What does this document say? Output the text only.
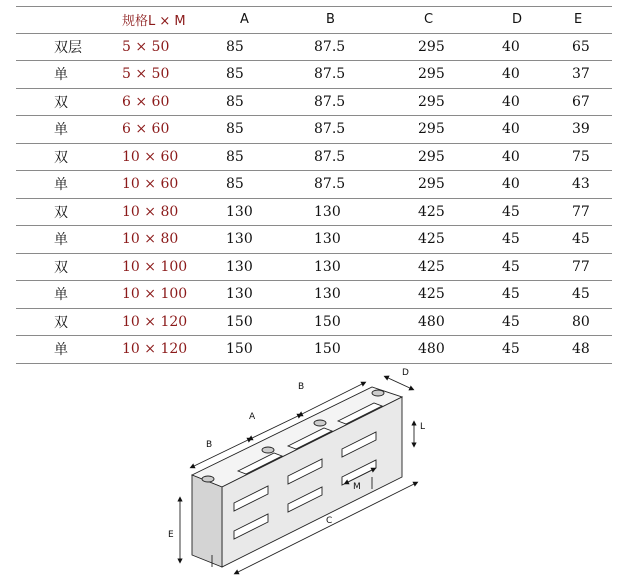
	规格L × M	A	B	C	D	E
双层	5 × 50	85	87.5	295	40	65
单	5 × 50	85	87.5	295	40	37
双	6 × 60	85	87.5	295	40	67
单	6 × 60	85	87.5	295	40	39
双	10 × 60	85	87.5	295	40	75
单	10 × 60	85	87.5	295	40	43
双	10 × 80	130	130	425	45	77
单	10 × 80	130	130	425	45	45
双	10 × 100	130	130	425	45	77
单	10 × 100	130	130	425	45	45
双	10 × 120	150	150	480	45	80
单	10 × 120	150	150	480	45	48
B
A
B
D
E
C
L
M
